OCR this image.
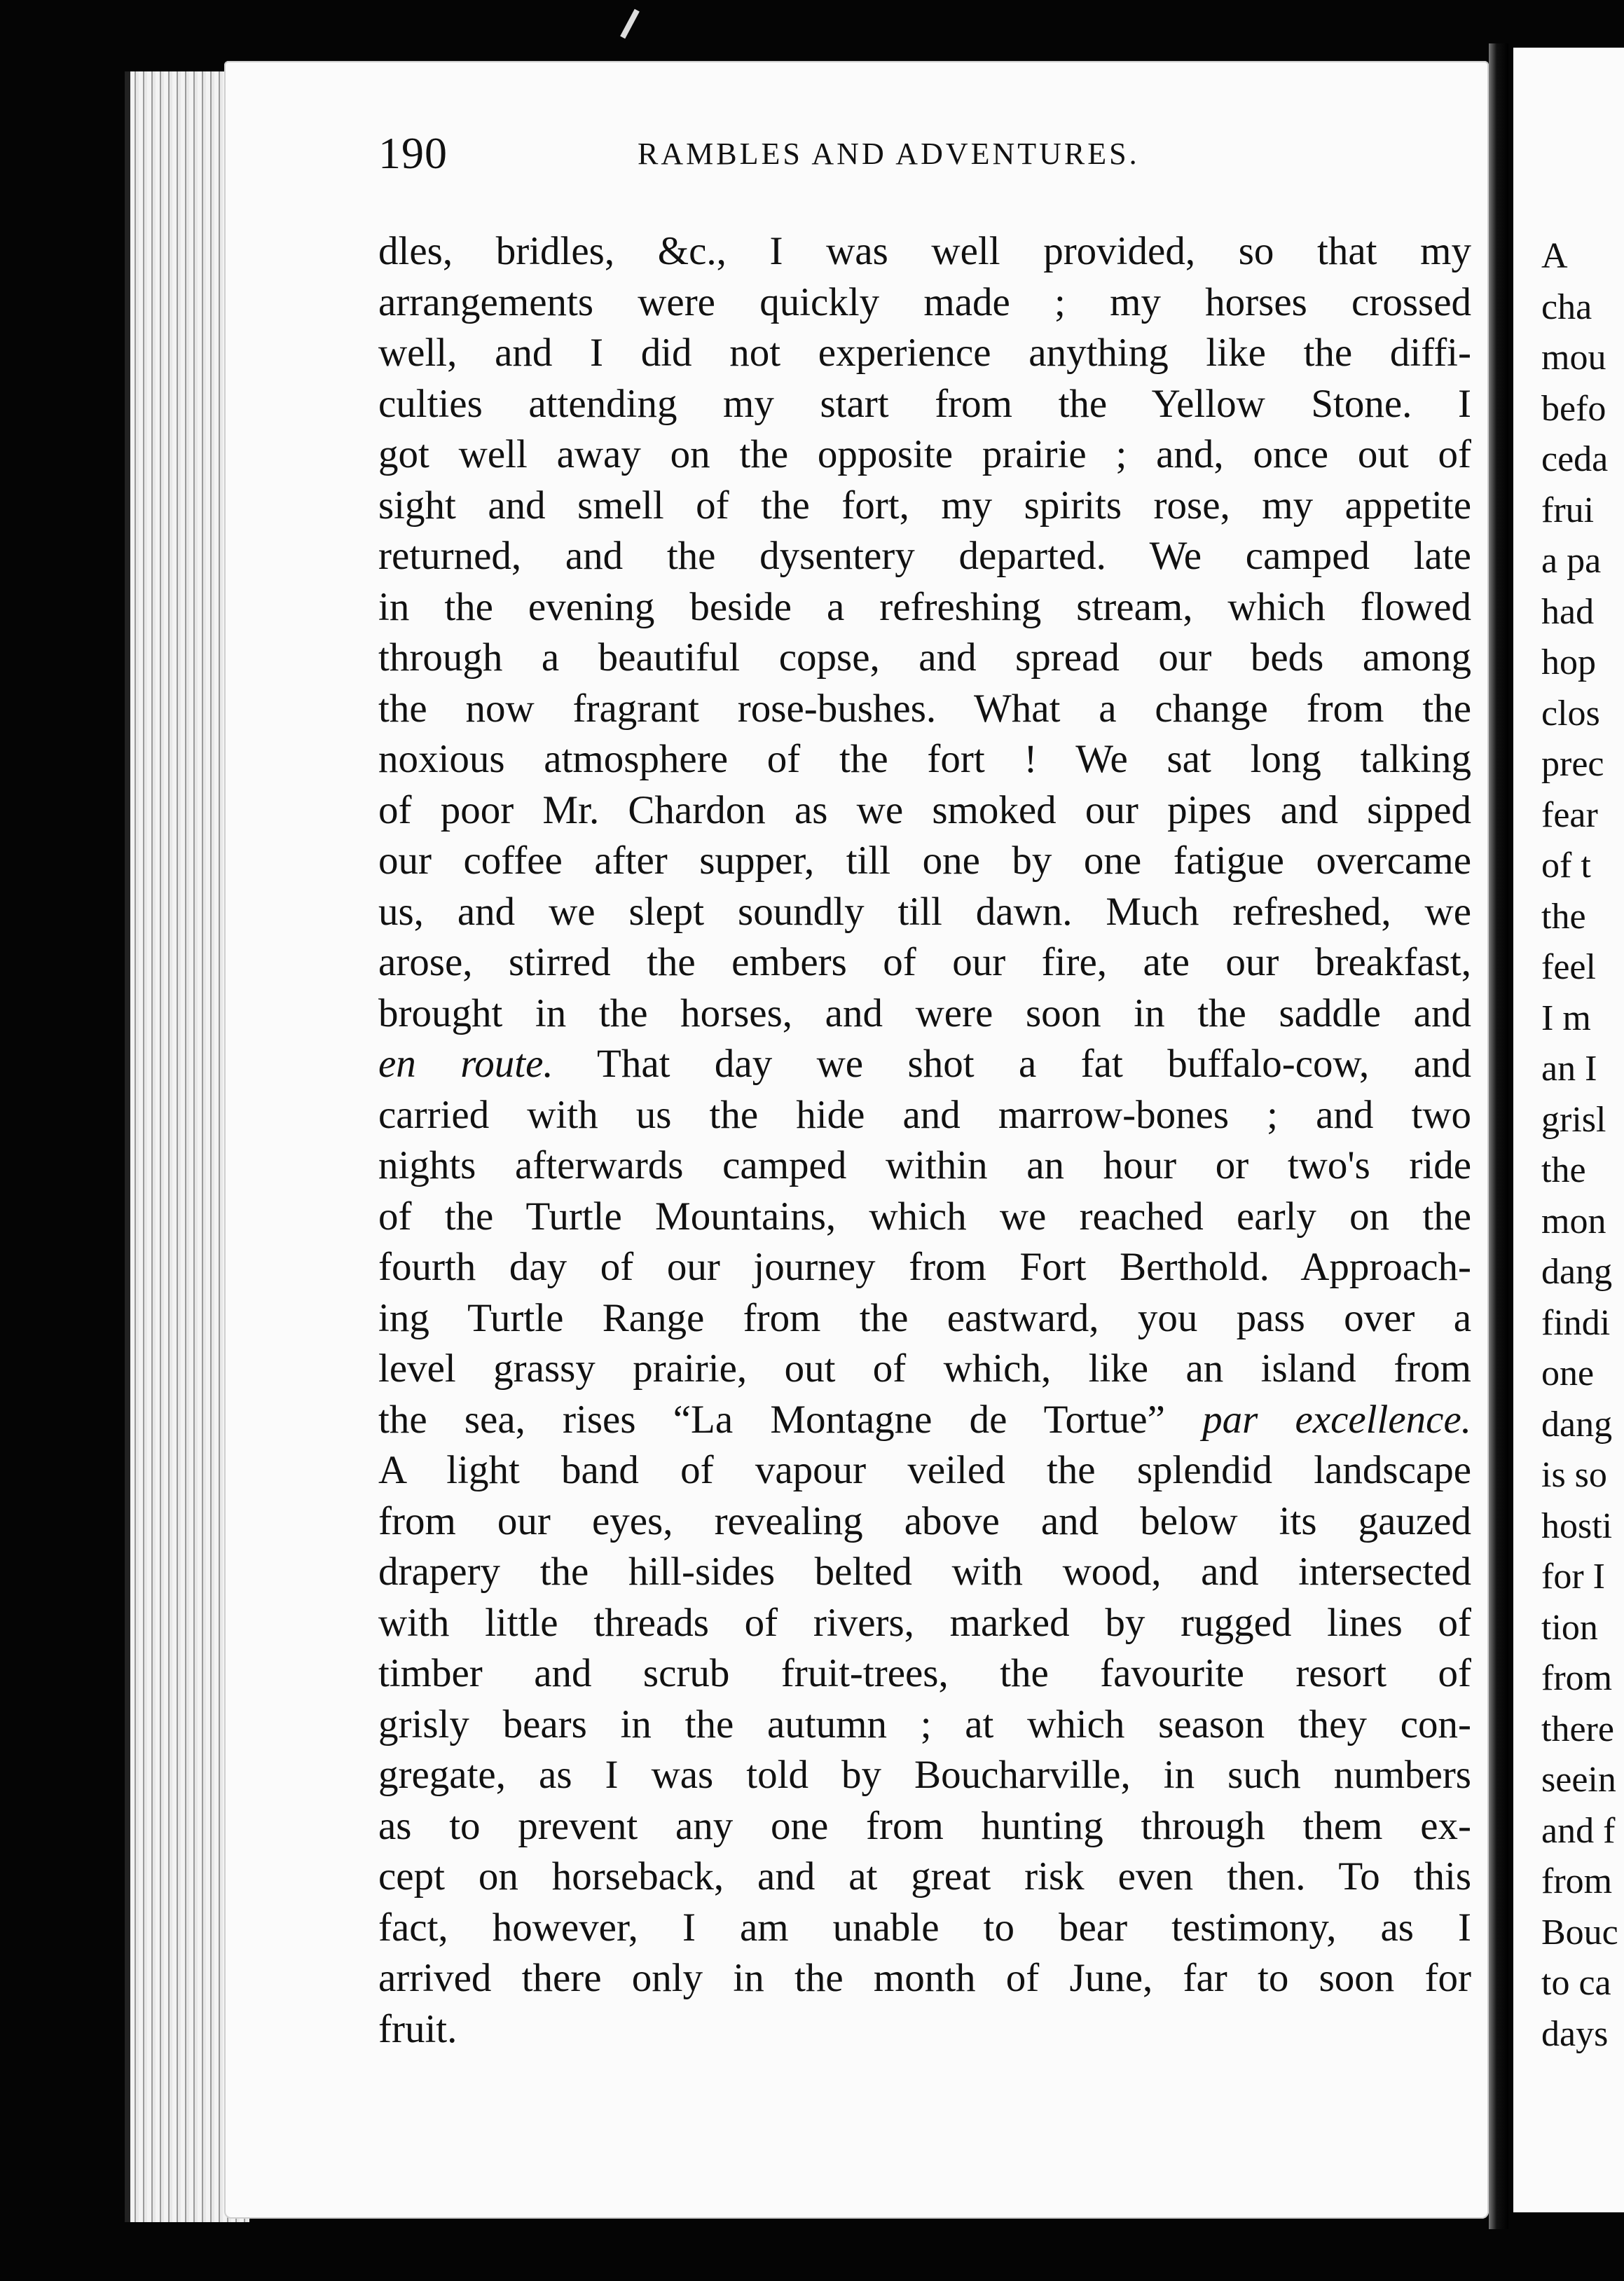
190	RAMBLES AND ADVENTURES.
dles, bridles, &c., I was well provided, so that my
arrangements were quickly made ; my horses crossed
well, and I did not experience anything like the diffi-
culties attending my start from the Yellow Stone. I
got well away on the opposite prairie ; and, once out of
sight and smell of the fort, my spirits rose, my appetite
returned, and the dysentery departed. We camped late
in the evening beside a refreshing stream, which flowed
through a beautiful copse, and spread our beds among
the now fragrant rose-bushes. What a change from the
noxious atmosphere of the fort ! We sat long talking
of poor Mr. Chardon as we smoked our pipes and sipped
our coffee after supper, till one by one fatigue overcame
us, and we slept soundly till dawn. Much refreshed, we
arose, stirred the embers of our fire, ate our breakfast,
brought in the horses, and were soon in the saddle and
en route. That day we shot a fat buffalo-cow, and
carried with us the hide and marrow-bones ; and two
nights afterwards camped within an hour or two's ride
of the Turtle Mountains, which we reached early on the
fourth day of our journey from Fort Berthold. Approach-
ing Turtle Range from the eastward, you pass over a
level grassy prairie, out of which, like an island from
the sea, rises “La Montagne de Tortue” par excellence.
A light band of vapour veiled the splendid landscape
from our eyes, revealing above and below its gauzed
drapery the hill-sides belted with wood, and intersected
with little threads of rivers, marked by rugged lines of
timber and scrub fruit-trees, the favourite resort of
grisly bears in the autumn ; at which season they con-
gregate, as I was told by Boucharville, in such numbers
as to prevent any one from hunting through them ex-
cept on horseback, and at great risk even then. To this
fact, however, I am unable to bear testimony, as I
arrived there only in the month of June, far to soon for
fruit.
A
cha
mou
befo
ceda
frui
a pa
had
hop
clos
prec
fear
of t
the
feel
I m
an I
grisl
the
mon
dang
findi
one
dang
is so
hosti
for I
tion
from
there
seein
and f
from
Bouc
to ca
days
